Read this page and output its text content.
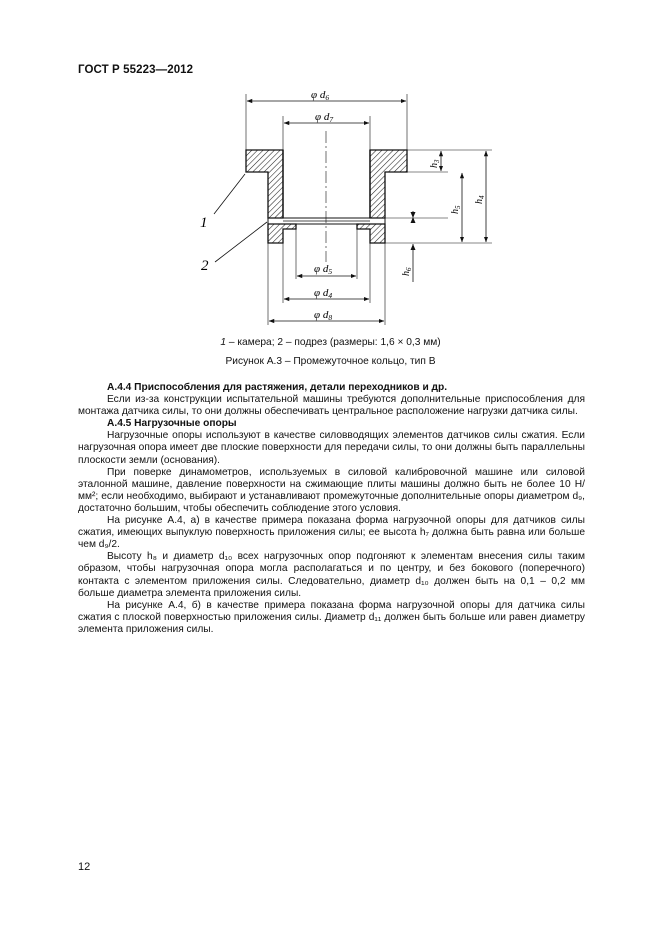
ГОСТ Р 55223—2012
φ d6
φ d7
φ d5
φ d4
φ d8
$h_3$
$h_5$
$h_4$
$h_6$
1
2
1 – камера; 2 – подрез (размеры: 1,6 × 0,3 мм)
Рисунок А.3 – Промежуточное кольцо, тип В

А.4.4 Приспособления для растяжения, детали переходников и др.

Если из-за конструкции испытательной машины требуются дополнительные приспособления для монтажа датчика силы, то они должны обеспечивать центральное расположение нагрузки датчика силы.

А.4.5 Нагрузочные опоры

Нагрузочные опоры используют в качестве силовводящих элементов датчиков силы сжатия. Если нагрузочная опора имеет две плоские поверхности для передачи силы, то они должны быть параллельны плоскости земли (основания).

При поверке динамометров, используемых в силовой калибровочной машине или силовой эталонной машине, давление поверхности на сжимающие плиты машины должно быть не более 10 Н/мм²; если необходимо, выбирают и устанавливают промежуточные дополнительные опоры диаметром d₉, достаточно большим, чтобы обеспечить соблюдение этого условия.

На рисунке А.4, а) в качестве примера показана форма нагрузочной опоры для датчиков силы сжатия, имеющих выпуклую поверхность приложения силы; ее высота h₇ должна быть равна или больше чем d₉/2.

Высоту h₈ и диаметр d₁₀ всех нагрузочных опор подгоняют к элементам внесения силы таким образом, чтобы нагрузочная опора могла располагаться и по центру, и без бокового (поперечного) контакта с элементом приложения силы. Следовательно, диаметр d₁₀ должен быть на 0,1 – 0,2 мм больше диаметра элемента приложения силы.

На рисунке А.4, б) в качестве примера показана форма нагрузочной опоры для датчика силы сжатия с плоской поверхностью приложения силы. Диаметр d₁₁ должен быть больше или равен диаметру элемента приложения силы.

12
